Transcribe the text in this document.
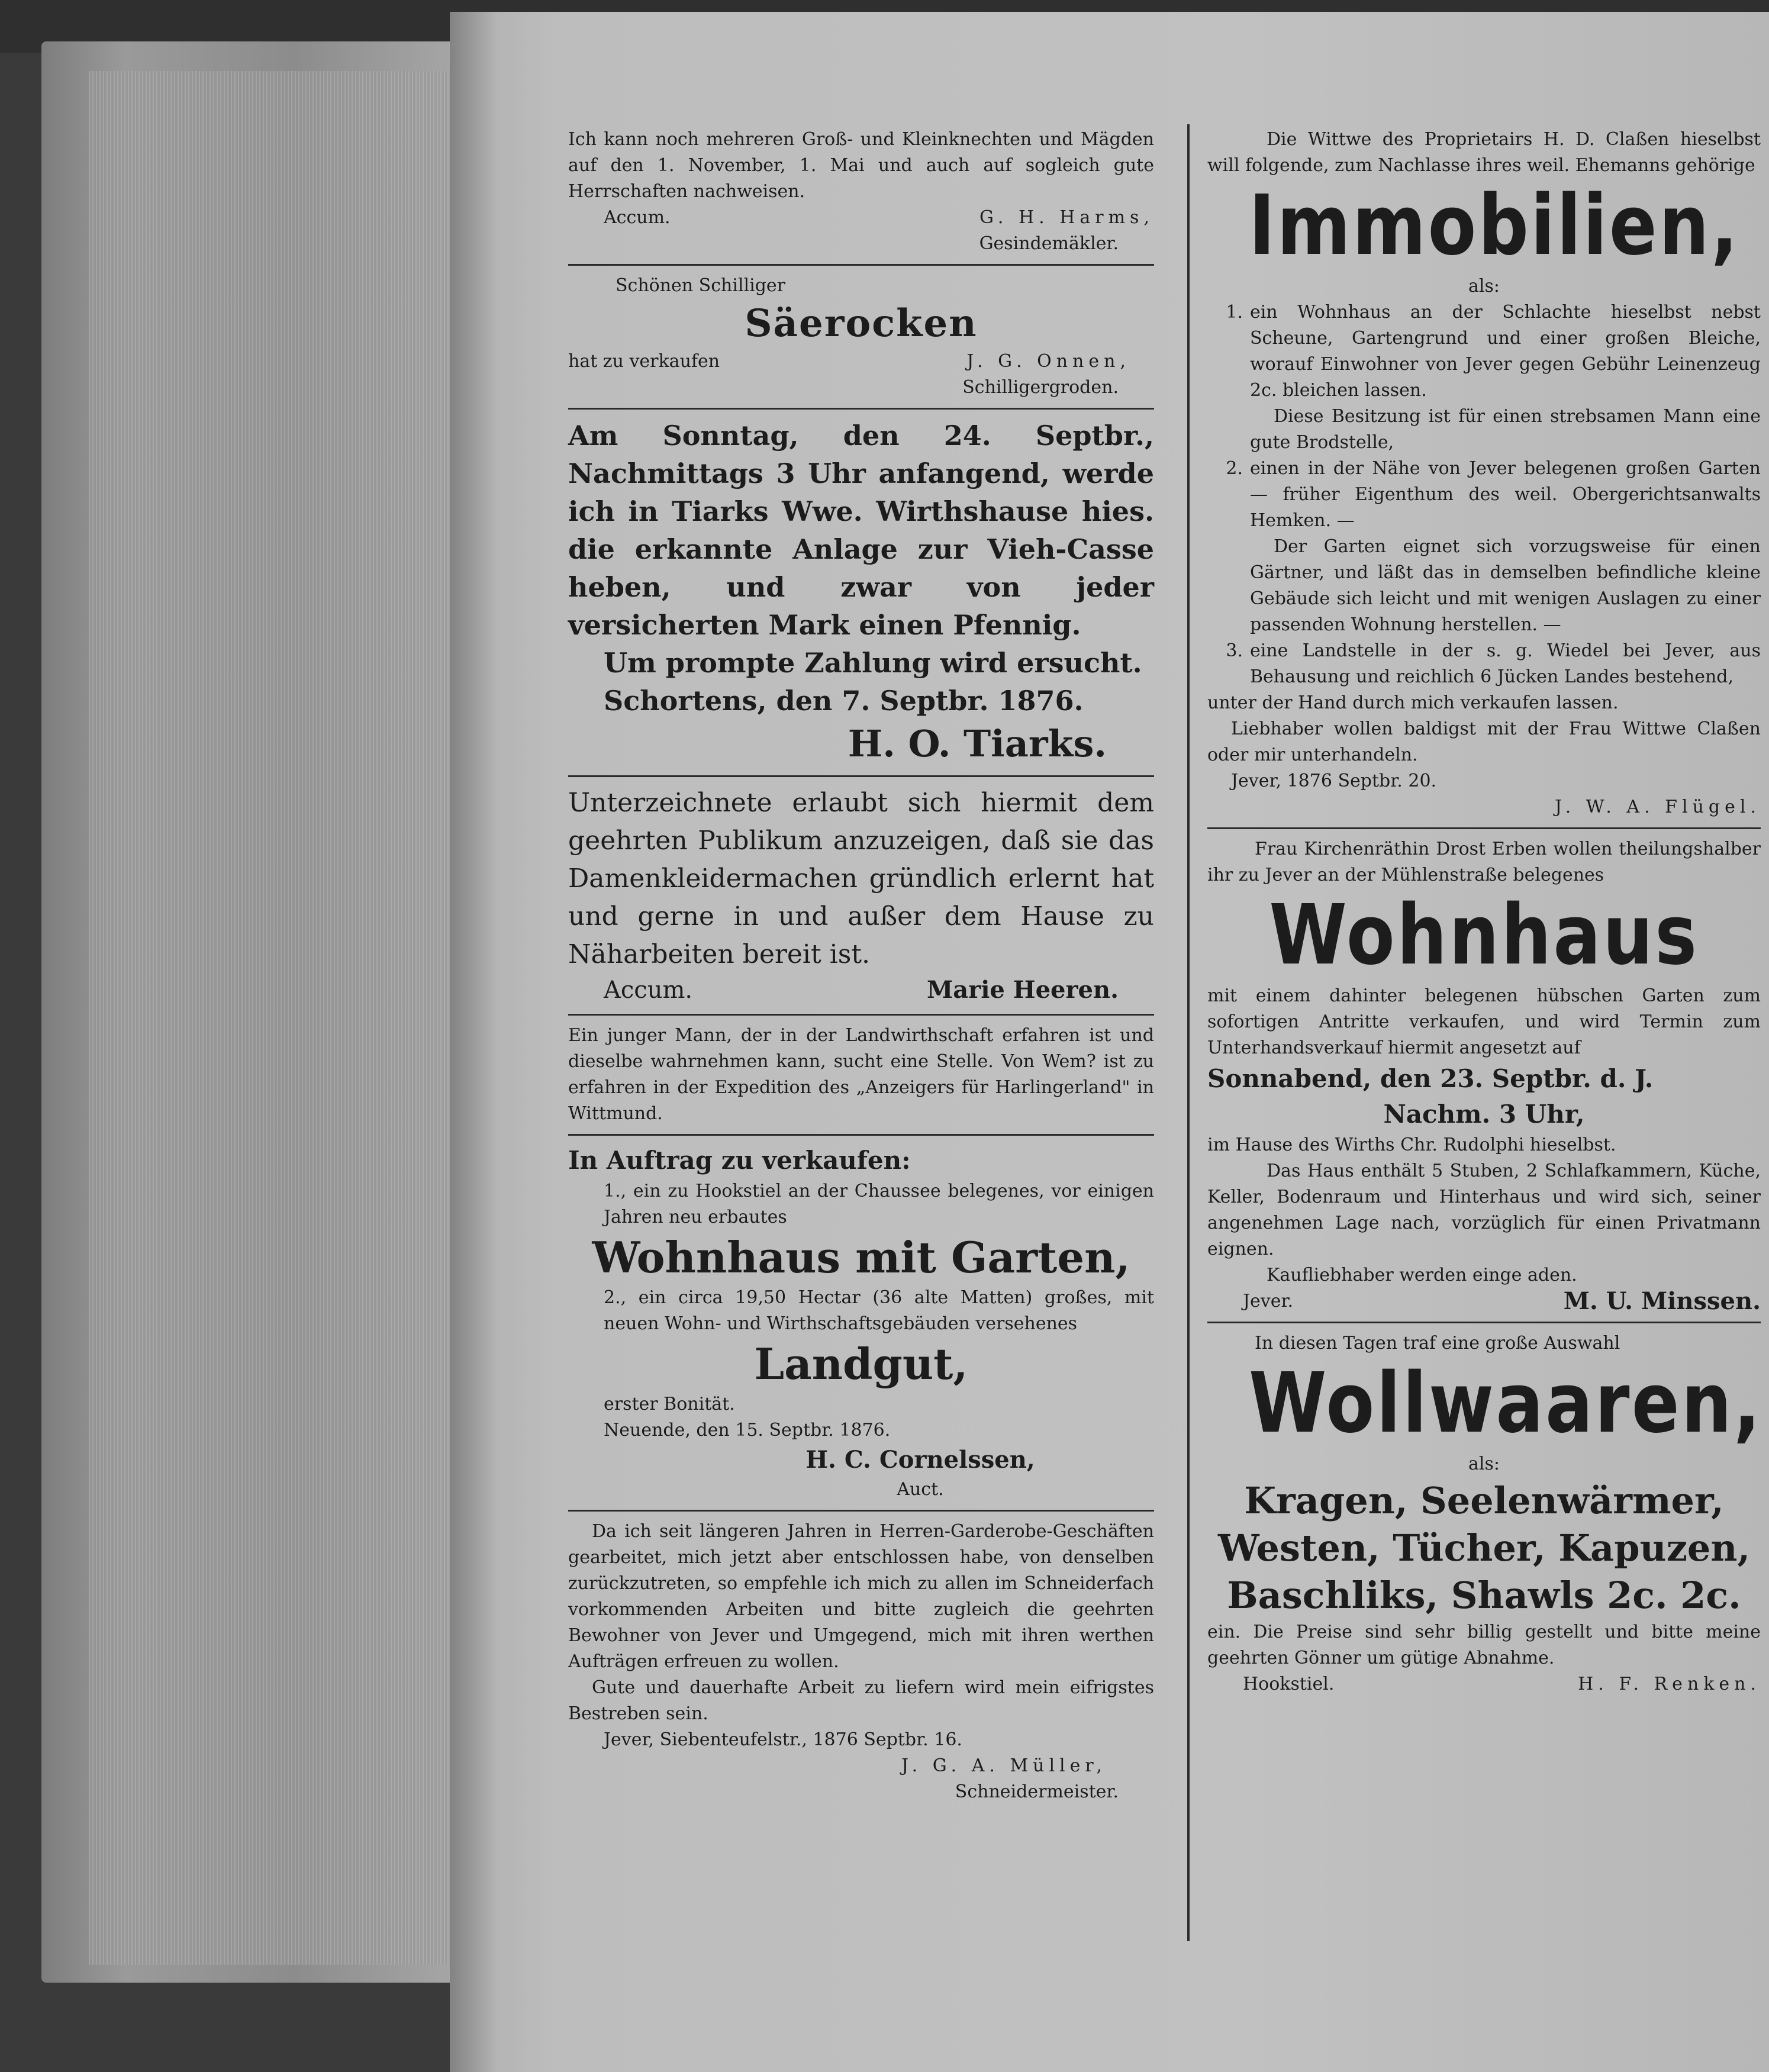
Ich kann noch mehreren Groß- und Kleinknechten und Mägden auf den 1. November, 1. Mai und auch auf sogleich gute Herrschaften nachweisen.

Accum.	G. H. Harms,

Gesindemäkler.

Schönen Schilliger

Säerocken

hat zu verkaufen	J. G. Onnen,

Schilligergroden.

Am Sonntag, den 24. Septbr., Nachmittags 3 Uhr anfangend, werde ich in Tiarks Wwe. Wirthshause hies. die erkannte Anlage zur Vieh-Casse heben, und zwar von jeder versicherten Mark einen Pfennig.

Um prompte Zahlung wird ersucht.

Schortens, den 7. Septbr. 1876.

H. O. Tiarks.

Unterzeichnete erlaubt sich hiermit dem geehrten Publikum anzuzeigen, daß sie das Damenkleidermachen gründlich erlernt hat und gerne in und außer dem Hause zu Näharbeiten bereit ist.

Accum.	Marie Heeren.

Ein junger Mann, der in der Landwirthschaft erfahren ist und dieselbe wahrnehmen kann, sucht eine Stelle. Von Wem? ist zu erfahren in der Expedition des „Anzeigers für Harlingerland" in Wittmund.

In Auftrag zu verkaufen:

1., ein zu Hookstiel an der Chaussee belegenes, vor einigen Jahren neu erbautes

Wohnhaus mit Garten,

2., ein circa 19,50 Hectar (36 alte Matten) großes, mit neuen Wohn- und Wirthschaftsgebäuden versehenes

Landgut,

erster Bonität.

Neuende, den 15. Septbr. 1876.

H. C. Cornelssen,

Auct.

Da ich seit längeren Jahren in Herren-Garderobe-Geschäften gearbeitet, mich jetzt aber entschlossen habe, von denselben zurückzutreten, so empfehle ich mich zu allen im Schneiderfach vorkommenden Arbeiten und bitte zugleich die geehrten Bewohner von Jever und Umgegend, mich mit ihren werthen Aufträgen erfreuen zu wollen.

Gute und dauerhafte Arbeit zu liefern wird mein eifrigstes Bestreben sein.

Jever, Siebenteufelstr., 1876 Septbr. 16.

J. G. A. Müller,

Schneidermeister.

Die Wittwe des Proprietairs H. D. Claßen hieselbst will folgende, zum Nachlasse ihres weil. Ehemanns gehörige

Immobilien,

als:

1. ein Wohnhaus an der Schlachte hieselbst nebst Scheune, Gartengrund und einer großen Bleiche, worauf Einwohner von Jever gegen Gebühr Leinenzeug 2c. bleichen lassen.

Diese Besitzung ist für einen strebsamen Mann eine gute Brodstelle,

2. einen in der Nähe von Jever belegenen großen Garten — früher Eigenthum des weil. Obergerichtsanwalts Hemken. —

Der Garten eignet sich vorzugsweise für einen Gärtner, und läßt das in demselben befindliche kleine Gebäude sich leicht und mit wenigen Auslagen zu einer passenden Wohnung herstellen. —

3. eine Landstelle in der s. g. Wiedel bei Jever, aus Behausung und reichlich 6 Jücken Landes bestehend,

unter der Hand durch mich verkaufen lassen.

Liebhaber wollen baldigst mit der Frau Wittwe Claßen oder mir unterhandeln.

Jever, 1876 Septbr. 20.

J. W. A. Flügel.

Frau Kirchenräthin Drost Erben wollen theilungshalber ihr zu Jever an der Mühlenstraße belegenes

Wohnhaus

mit einem dahinter belegenen hübschen Garten zum sofortigen Antritte verkaufen, und wird Termin zum Unterhandsverkauf hiermit angesetzt auf

Sonnabend, den 23. Septbr. d. J.

Nachm. 3 Uhr,

im Hause des Wirths Chr. Rudolphi hieselbst.

Das Haus enthält 5 Stuben, 2 Schlafkammern, Küche, Keller, Bodenraum und Hinterhaus und wird sich, seiner angenehmen Lage nach, vorzüglich für einen Privatmann eignen.

Kaufliebhaber werden einge aden.

Jever.	M. U. Minssen.

In diesen Tagen traf eine große Auswahl

Wollwaaren,

als:

Kragen, Seelenwärmer,

Westen, Tücher, Kapuzen,

Baschliks, Shawls 2c. 2c.

ein. Die Preise sind sehr billig gestellt und bitte meine geehrten Gönner um gütige Abnahme.

Hookstiel.	H. F. Renken.
